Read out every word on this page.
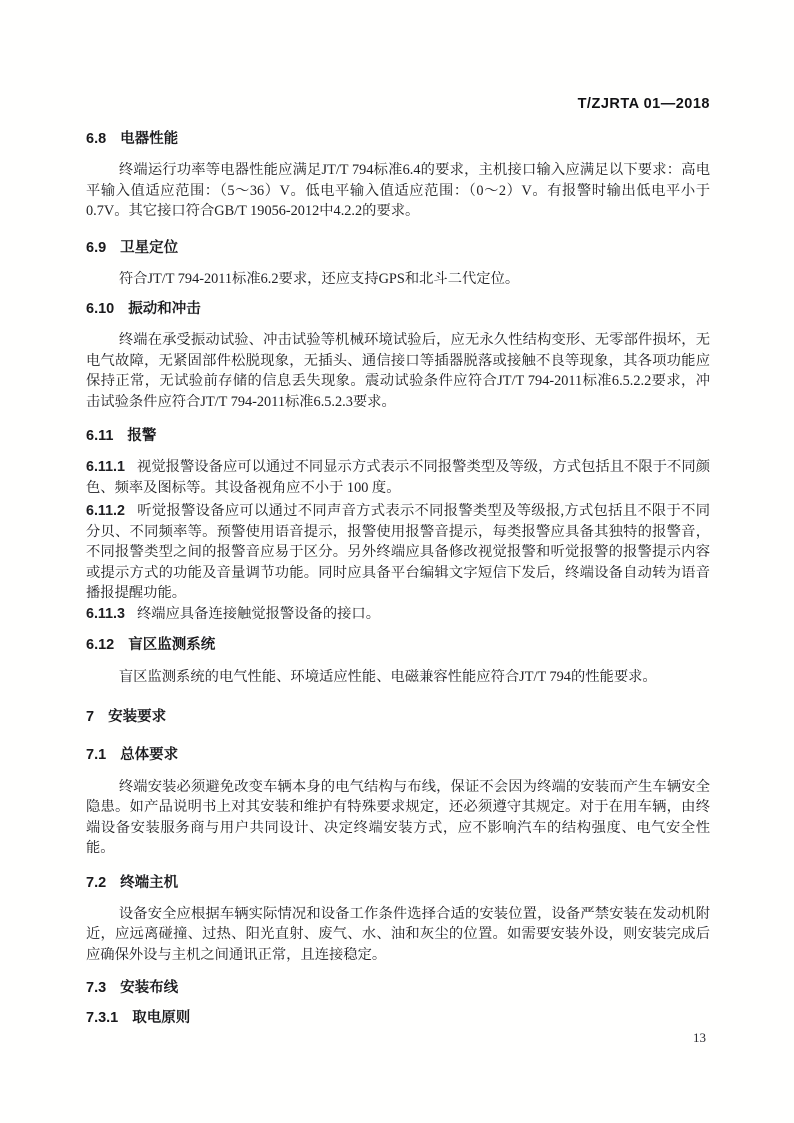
T/ZJRTA 01—2018

6.8 电器性能

终端运行功率等电器性能应满足JT/T 794标准6.4的要求，主机接口输入应满足以下要求：高电平输入值适应范围：（5～36）V。低电平输入值适应范围：（0～2）V。有报警时输出低电平小于0.7V。其它接口符合GB/T 19056-2012中4.2.2的要求。

6.9 卫星定位

符合JT/T 794-2011标准6.2要求，还应支持GPS和北斗二代定位。

6.10 振动和冲击

终端在承受振动试验、冲击试验等机械环境试验后，应无永久性结构变形、无零部件损坏，无电气故障，无紧固部件松脱现象，无插头、通信接口等插器脱落或接触不良等现象，其各项功能应保持正常，无试验前存储的信息丢失现象。震动试验条件应符合JT/T 794-2011标准6.5.2.2要求，冲击试验条件应符合JT/T 794-2011标准6.5.2.3要求。

6.11 报警

6.11.1 视觉报警设备应可以通过不同显示方式表示不同报警类型及等级，方式包括且不限于不同颜色、频率及图标等。其设备视角应不小于 100 度。

6.11.2 听觉报警设备应可以通过不同声音方式表示不同报警类型及等级报,方式包括且不限于不同分贝、不同频率等。预警使用语音提示，报警使用报警音提示，每类报警应具备其独特的报警音，不同报警类型之间的报警音应易于区分。另外终端应具备修改视觉报警和听觉报警的报警提示内容或提示方式的功能及音量调节功能。同时应具备平台编辑文字短信下发后，终端设备自动转为语音播报提醒功能。

6.11.3 终端应具备连接触觉报警设备的接口。

6.12 盲区监测系统

盲区监测系统的电气性能、环境适应性能、电磁兼容性能应符合JT/T 794的性能要求。

7 安装要求

7.1 总体要求

终端安装必须避免改变车辆本身的电气结构与布线，保证不会因为终端的安装而产生车辆安全隐患。如产品说明书上对其安装和维护有特殊要求规定，还必须遵守其规定。对于在用车辆，由终端设备安装服务商与用户共同设计、决定终端安装方式，应不影响汽车的结构强度、电气安全性能。

7.2 终端主机

设备安全应根据车辆实际情况和设备工作条件选择合适的安装位置，设备严禁安装在发动机附近，应远离碰撞、过热、阳光直射、废气、水、油和灰尘的位置。如需要安装外设，则安装完成后应确保外设与主机之间通讯正常，且连接稳定。

7.3 安装布线

7.3.1 取电原则

13
